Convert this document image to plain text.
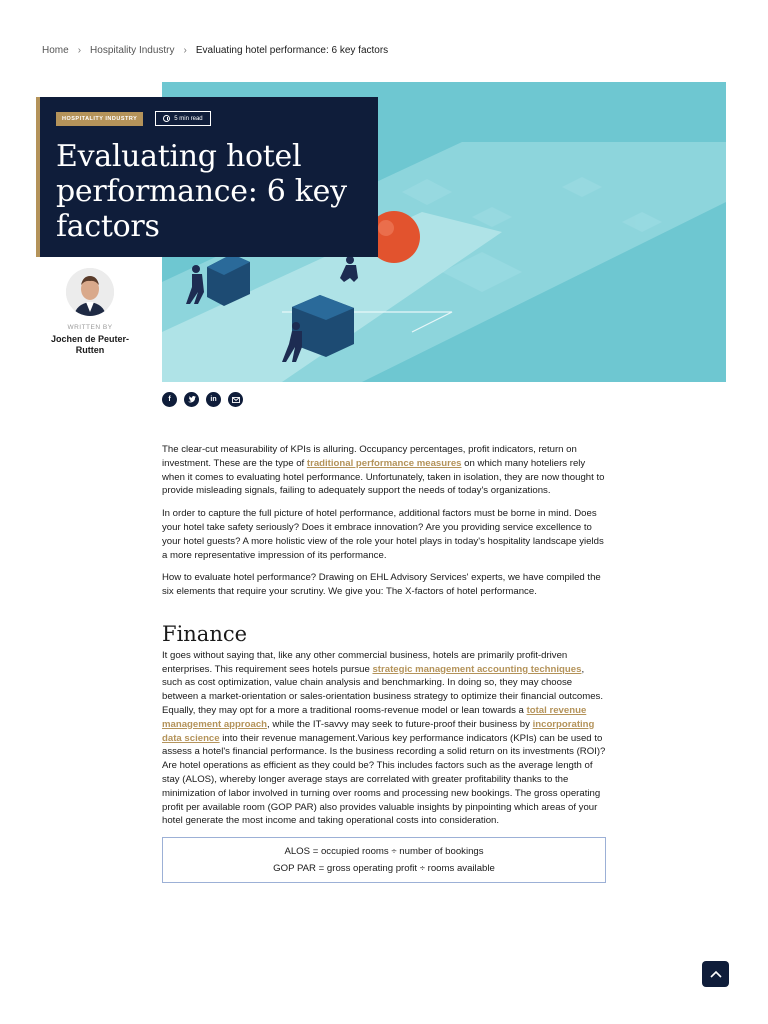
Home › Hospitality Industry › Evaluating hotel performance: 6 key factors
HOSPITALITY INDUSTRY	5 min read
Evaluating hotel performance: 6 key factors
WRITTEN BY
Jochen de Peuter-Rutten
f	in

The clear-cut measurability of KPIs is alluring. Occupancy percentages, profit indicators, return on investment. These are the type of traditional performance measures on which many hoteliers rely when it comes to evaluating hotel performance. Unfortunately, taken in isolation, they are now thought to provide misleading signals, failing to adequately support the needs of today's organizations.

In order to capture the full picture of hotel performance, additional factors must be borne in mind. Does your hotel take safety seriously? Does it embrace innovation? Are you providing service excellence to your hotel guests? A more holistic view of the role your hotel plays in today's hospitality landscape yields a more representative impression of its performance.

How to evaluate hotel performance? Drawing on EHL Advisory Services' experts, we have compiled the six elements that require your scrutiny. We give you: The X-factors of hotel performance.

Finance

It goes without saying that, like any other commercial business, hotels are primarily profit-driven enterprises. This requirement sees hotels pursue strategic management accounting techniques, such as cost optimization, value chain analysis and benchmarking. In doing so, they may choose between a market-orientation or sales-orientation business strategy to optimize their financial outcomes. Equally, they may opt for a more a traditional rooms-revenue model or lean towards a total revenue management approach, while the IT-savvy may seek to future-proof their business by incorporating data science into their revenue management.Various key performance indicators (KPIs) can be used to assess a hotel's financial performance. Is the business recording a solid return on its investments (ROI)? Are hotel operations as efficient as they could be? This includes factors such as the average length of stay (ALOS), whereby longer average stays are correlated with greater profitability thanks to the minimization of labor involved in turning over rooms and processing new bookings. The gross operating profit per available room (GOP PAR) also provides valuable insights by pinpointing which areas of your hotel generate the most income and taking operational costs into consideration.

ALOS = occupied rooms ÷ number of bookings
GOP PAR = gross operating profit ÷ rooms available
